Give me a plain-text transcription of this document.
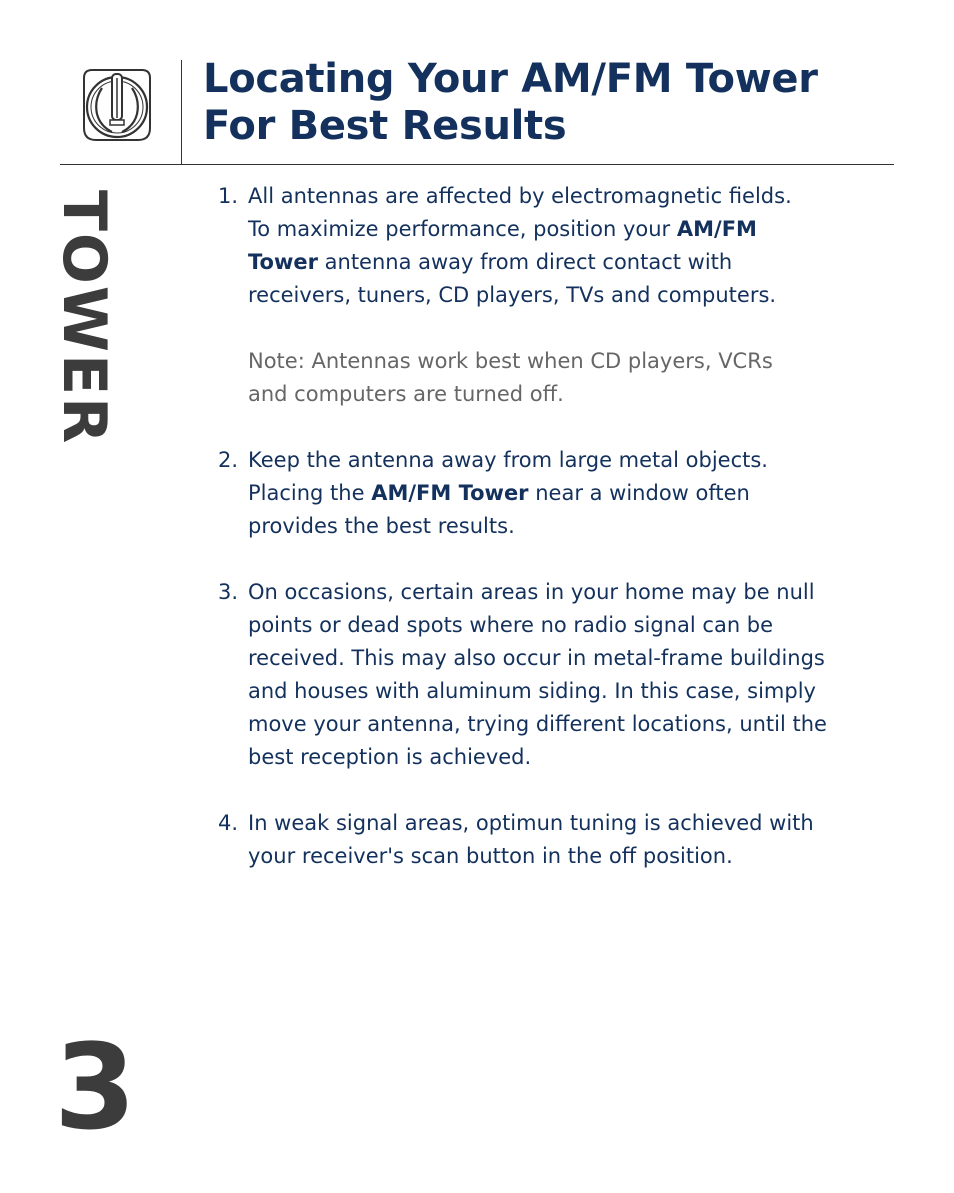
Locating Your AM/FM Tower
For Best Results
TOWER
3
1. All antennas are affected by electromagnetic fields.
To maximize performance, position your AM/FM
Tower antenna away from direct contact with
receivers, tuners, CD players, TVs and computers.
Note: Antennas work best when CD players, VCRs
and computers are turned off.
2. Keep the antenna away from large metal objects.
Placing the AM/FM Tower near a window often
provides the best results.
3. On occasions, certain areas in your home may be null
points or dead spots where no radio signal can be
received. This may also occur in metal-frame buildings
and houses with aluminum siding. In this case, simply
move your antenna, trying different locations, until the
best reception is achieved.
4. In weak signal areas, optimun tuning is achieved with
your receiver's scan button in the off position.
